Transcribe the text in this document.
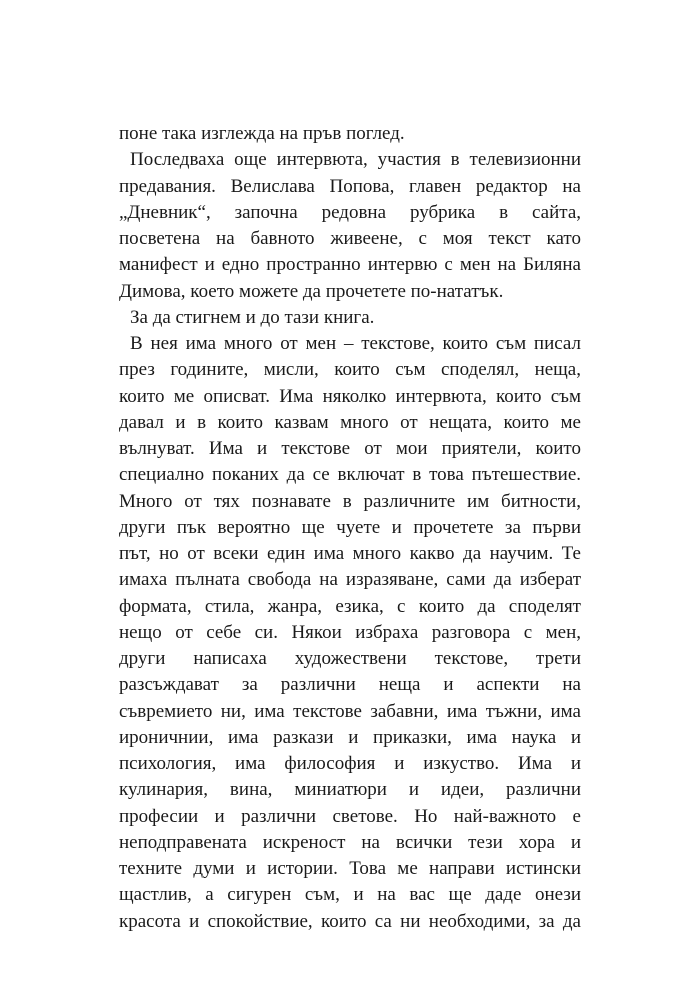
поне така изглежда на пръв поглед.
Последваха още интервюта, участия в телевизионни
предавания. Велислава Попова, главен редактор на
„Дневник“, започна редовна рубрика в сайта,
посветена на бавното живеене, с моя текст като
манифест и едно пространно интервю с мен на Биляна
Димова, което можете да прочетете по-нататък.
За да стигнем и до тази книга.
В нея има много от мен – текстове, които съм писал
през годините, мисли, които съм споделял, неща,
които ме описват. Има няколко интервюта, които съм
давал и в които казвам много от нещата, които ме
вълнуват. Има и текстове от мои приятели, които
специално поканих да се включат в това пътешествие.
Много от тях познавате в различните им битности,
други пък вероятно ще чуете и прочетете за първи
път, но от всеки един има много какво да научим. Те
имаха пълната свобода на изразяване, сами да изберат
формата, стила, жанра, езика, с които да споделят
нещо от себе си. Някои избраха разговора с мен,
други написаха художествени текстове, трети
разсъждават за различни неща и аспекти на
съвремието ни, има текстове забавни, има тъжни, има
ироничнии, има разкази и приказки, има наука и
психология, има философия и изкуство. Има и
кулинария, вина, миниатюри и идеи, различни
професии и различни светове. Но най-важното е
неподправената искреност на всички тези хора и
техните думи и истории. Това ме направи истински
щастлив, а сигурен съм, и на вас ще даде онези
красота и спокойствие, които са ни необходими, за да
